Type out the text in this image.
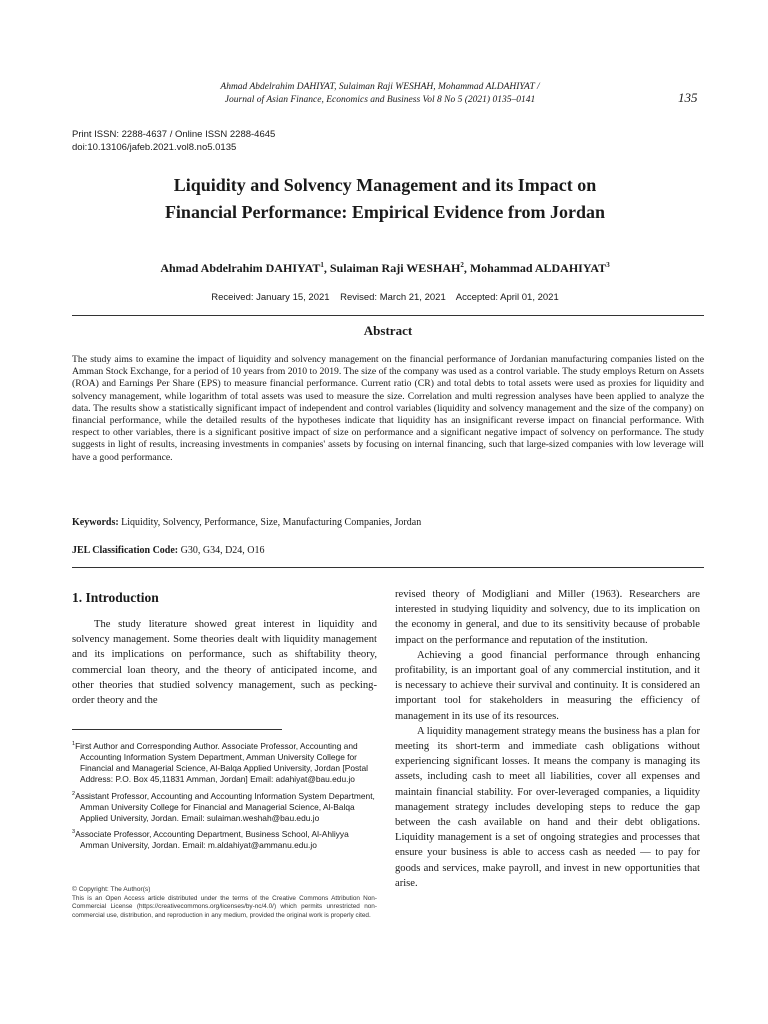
Ahmad Abdelrahim DAHIYAT, Sulaiman Raji WESHAH, Mohammad ALDAHIYAT /
Journal of Asian Finance, Economics and Business Vol 8 No 5 (2021) 0135–0141	135
Print ISSN: 2288-4637 / Online ISSN 2288-4645
doi:10.13106/jafeb.2021.vol8.no5.0135
Liquidity and Solvency Management and its Impact on
Financial Performance: Empirical Evidence from Jordan
Ahmad Abdelrahim DAHIYAT$^1$, Sulaiman Raji WESHAH$^2$, Mohammad ALDAHIYAT$^3$
Received: January 15, 2021    Revised: March 21, 2021    Accepted: April 01, 2021
Abstract

The study aims to examine the impact of liquidity and solvency management on the financial performance of Jordanian manufacturing companies listed on the Amman Stock Exchange, for a period of 10 years from 2010 to 2019. The size of the company was used as a control variable. The study employs Return on Assets (ROA) and Earnings Per Share (EPS) to measure financial performance. Current ratio (CR) and total debts to total assets were used as proxies for liquidity and solvency management, while logarithm of total assets was used to measure the size. Correlation and multi regression analyses have been applied to analyze the data. The results show a statistically significant impact of independent and control variables (liquidity and solvency management and the size of the company) on financial performance, while the detailed results of the hypotheses indicate that liquidity has an insignificant reverse impact on financial performance. With respect to other variables, there is a significant positive impact of size on performance and a significant negative impact of solvency on performance. The study suggests in light of results, increasing investments in companies' assets by focusing on internal financing, such that large-sized companies with low leverage will have a good performance.

Keywords: Liquidity, Solvency, Performance, Size, Manufacturing Companies, Jordan
JEL Classification Code: G30, G34, D24, O16
1. Introduction

The study literature showed great interest in liquidity and solvency management. Some theories dealt with liquidity management and its implications on performance, such as shiftability theory, commercial loan theory, and the theory of anticipated income, and other theories that studied solvency management, such as pecking-order theory and the

$^1$First Author and Corresponding Author. Associate Professor, Accounting and Accounting Information System Department, Amman University College for Financial and Managerial Science, Al-Balqa Applied University, Jordan [Postal Address: P.O. Box 45,11831 Amman, Jordan] Email: adahiyat@bau.edu.jo

$^2$Assistant Professor, Accounting and Accounting Information System Department, Amman University College for Financial and Managerial Science, Al-Balqa Applied University, Jordan. Email: sulaiman.weshah@bau.edu.jo

$^3$Associate Professor, Accounting Department, Business School, Al-Ahliyya Amman University, Jordan. Email: m.aldahiyat@ammanu.edu.jo

© Copyright: The Author(s)

This is an Open Access article distributed under the terms of the Creative Commons Attribution Non-Commercial License (https://creativecommons.org/licenses/by-nc/4.0/) which permits unrestricted non-commercial use, distribution, and reproduction in any medium, provided the original work is properly cited.

revised theory of Modigliani and Miller (1963). Researchers are interested in studying liquidity and solvency, due to its implication on the economy in general, and due to its sensitivity because of probable impact on the performance and reputation of the institution.

Achieving a good financial performance through enhancing profitability, is an important goal of any commercial institution, and it is necessary to achieve their survival and continuity. It is considered an important tool for stakeholders in measuring the efficiency of management in its use of its resources.

A liquidity management strategy means the business has a plan for meeting its short-term and immediate cash obligations without experiencing significant losses. It means the company is managing its assets, including cash to meet all liabilities, cover all expenses and maintain financial stability. For over-leveraged companies, a liquidity management strategy includes developing steps to reduce the gap between the cash available on hand and their debt obligations. Liquidity management is a set of ongoing strategies and processes that ensure your business is able to access cash as needed — to pay for goods and services, make payroll, and invest in new opportunities that arise.
